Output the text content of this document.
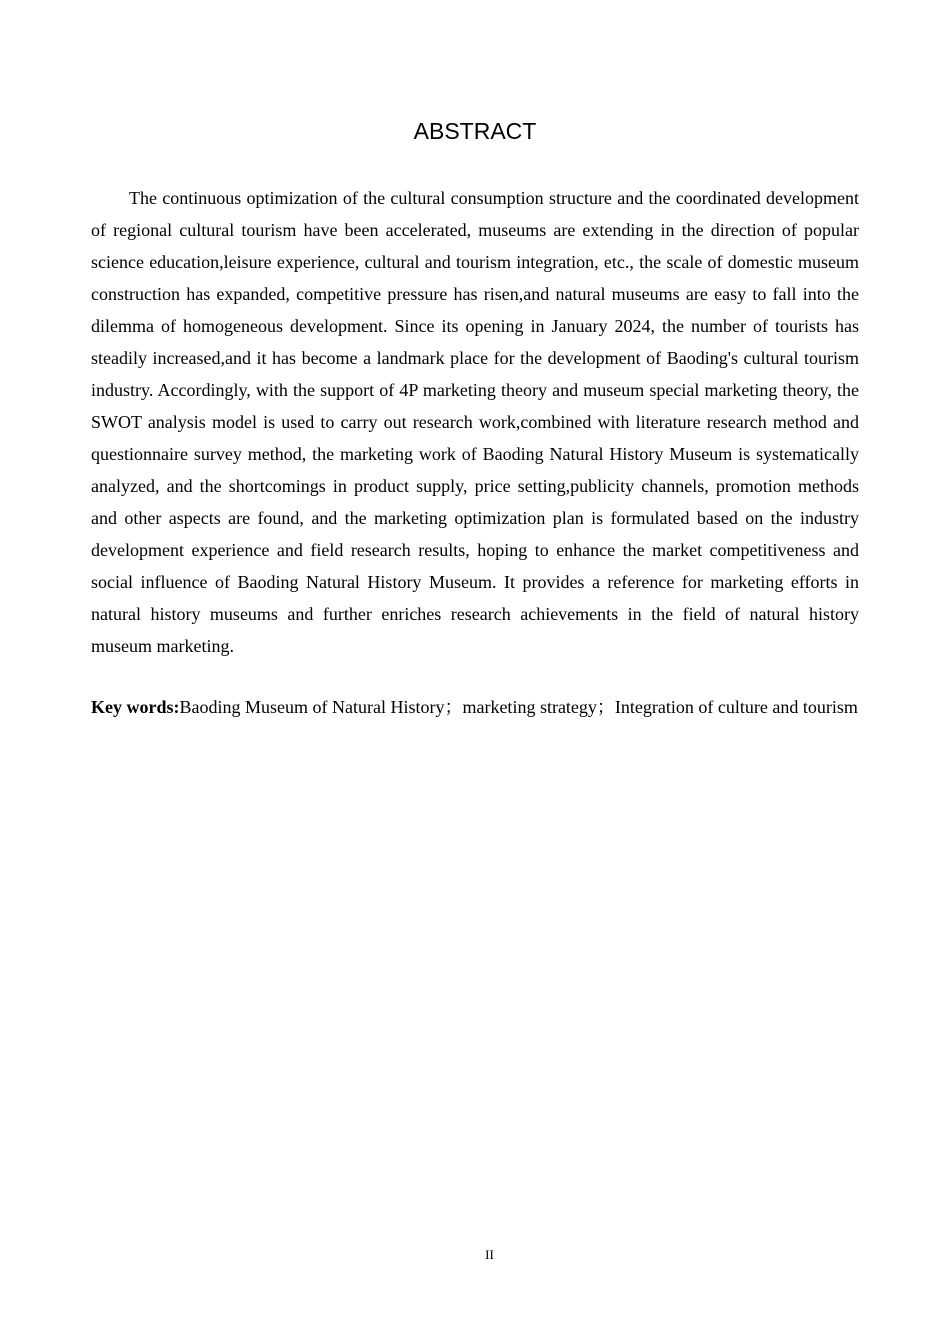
ABSTRACT

The continuous optimization of the cultural consumption structure and the coordinated development of regional cultural tourism have been accelerated, museums are extending in the direction of popular science education,leisure experience, cultural and tourism integration, etc., the scale of domestic museum construction has expanded, competitive pressure has risen,and natural museums are easy to fall into the dilemma of homogeneous development. Since its opening in January 2024, the number of tourists has steadily increased,and it has become a landmark place for the development of Baoding's cultural tourism industry. Accordingly, with the support of 4P marketing theory and museum special marketing theory, the SWOT analysis model is used to carry out research work,combined with literature research method and questionnaire survey method, the marketing work of Baoding Natural History Museum is systematically analyzed, and the shortcomings in product supply, price setting,publicity channels, promotion methods and other aspects are found, and the marketing optimization plan is formulated based on the industry development experience and field research results, hoping to enhance the market competitiveness and social influence of Baoding Natural History Museum. It provides a reference for marketing efforts in natural history museums and further enriches research achievements in the field of natural history museum marketing.

Key words:Baoding Museum of Natural History；marketing strategy；Integration of culture and tourism

II
